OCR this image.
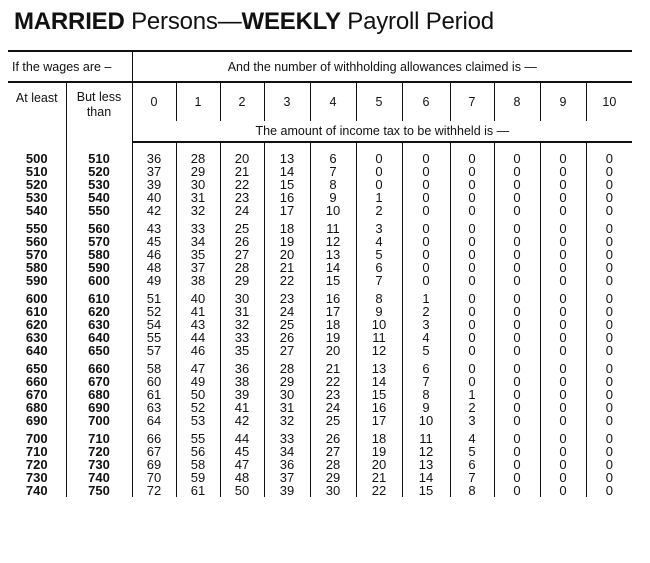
MARRIED Persons—WEEKLY Payroll Period
If the wages are –		And the number of withholding allowances claimed is —										
At least	But less than	0	1	2	3	4	5	6	7	8	9	10
		The amount of income tax to be withheld is —										
500	510	36	28	20	13	6	0	0	0	0	0	0
510	520	37	29	21	14	7	0	0	0	0	0	0
520	530	39	30	22	15	8	0	0	0	0	0	0
530	540	40	31	23	16	9	1	0	0	0	0	0
540	550	42	32	24	17	10	2	0	0	0	0	0
550	560	43	33	25	18	11	3	0	0	0	0	0
560	570	45	34	26	19	12	4	0	0	0	0	0
570	580	46	35	27	20	13	5	0	0	0	0	0
580	590	48	37	28	21	14	6	0	0	0	0	0
590	600	49	38	29	22	15	7	0	0	0	0	0
600	610	51	40	30	23	16	8	1	0	0	0	0
610	620	52	41	31	24	17	9	2	0	0	0	0
620	630	54	43	32	25	18	10	3	0	0	0	0
630	640	55	44	33	26	19	11	4	0	0	0	0
640	650	57	46	35	27	20	12	5	0	0	0	0
650	660	58	47	36	28	21	13	6	0	0	0	0
660	670	60	49	38	29	22	14	7	0	0	0	0
670	680	61	50	39	30	23	15	8	1	0	0	0
680	690	63	52	41	31	24	16	9	2	0	0	0
690	700	64	53	42	32	25	17	10	3	0	0	0
700	710	66	55	44	33	26	18	11	4	0	0	0
710	720	67	56	45	34	27	19	12	5	0	0	0
720	730	69	58	47	36	28	20	13	6	0	0	0
730	740	70	59	48	37	29	21	14	7	0	0	0
740	750	72	61	50	39	30	22	15	8	0	0	0
